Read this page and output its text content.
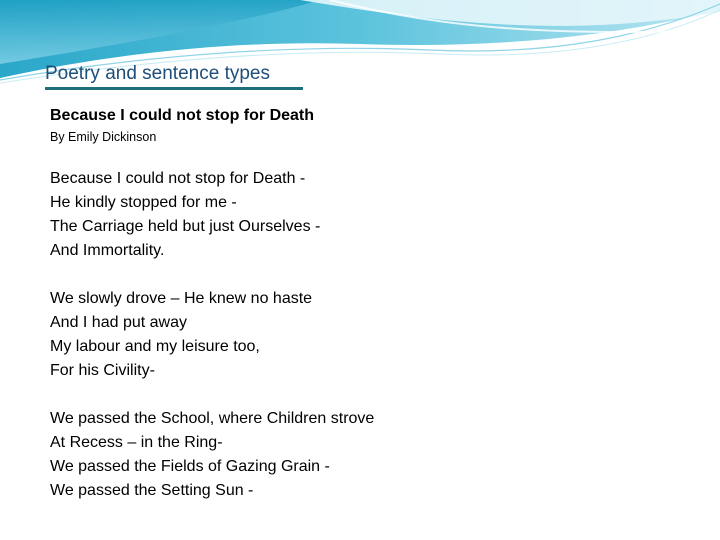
Poetry and sentence types
Because I could not stop for Death
By Emily Dickinson
Because I could not stop for Death -
He kindly stopped for me -
The Carriage held but just Ourselves -
And Immortality.
We slowly drove – He knew no haste
And I had put away
My labour and my leisure too,
For his Civility-
We passed the School, where Children strove
At Recess – in the Ring-
We passed the Fields of Gazing Grain -
We passed the Setting Sun -
